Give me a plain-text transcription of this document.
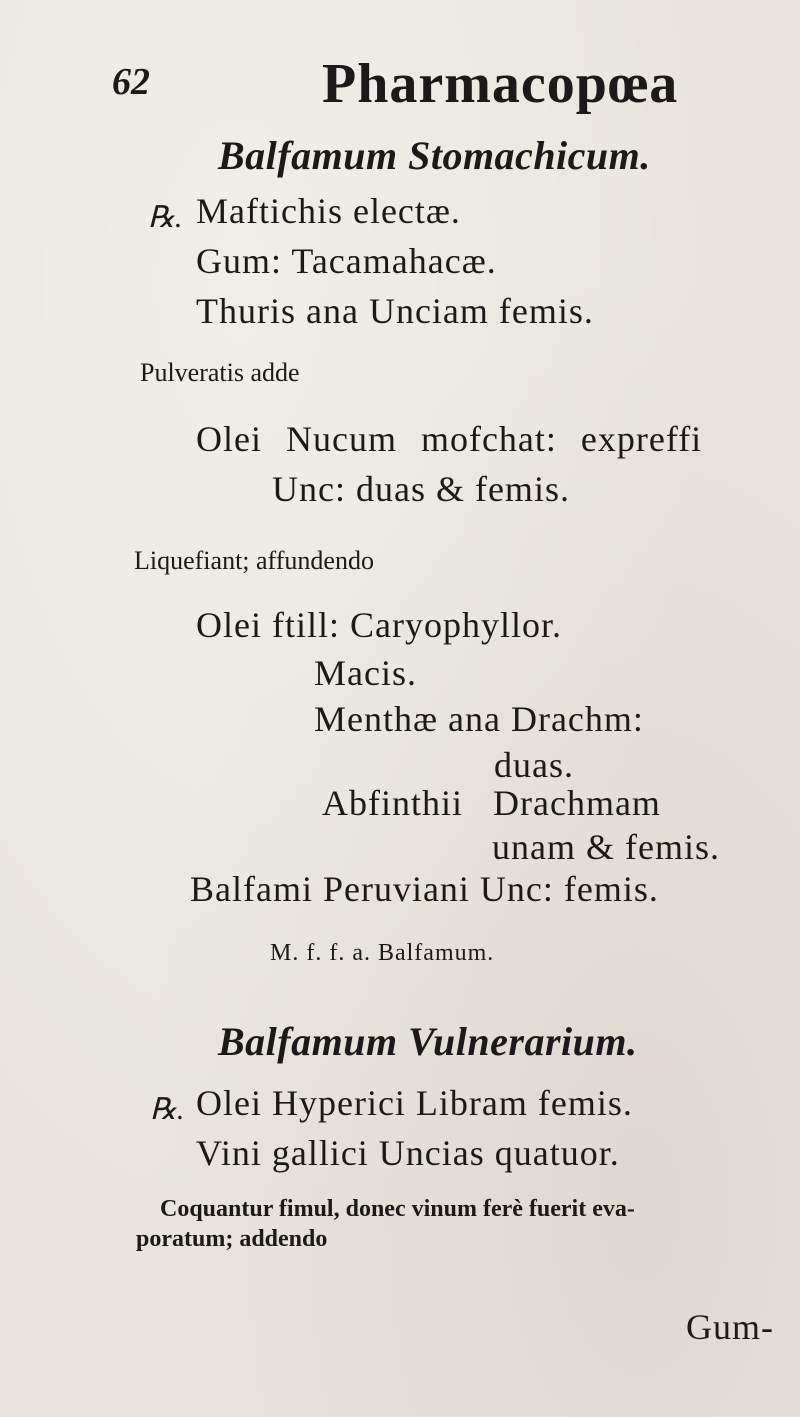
62	Pharmacopœa
Balfamum Stomachicum.
℞. Maftichis electæ.
Gum: Tacamahacæ.
Thuris ana Unciam femis.
Pulveratis adde
Olei Nucum mofchat: expreffi
Unc: duas & femis.
Liquefiant; affundendo
Olei ftill: Caryophyllor.
Macis.
Menthæ ana Drachm:
duas.
Abfinthii   Drachmam
unam & femis.
Balfami Peruviani Unc: femis.
M. f. f. a. Balfamum.
Balfamum Vulnerarium.
℞. Olei Hyperici Libram femis.
Vini gallici Uncias quatuor.
Coquantur fimul, donec vinum ferè fuerit eva-
poratum; addendo
Gum-
